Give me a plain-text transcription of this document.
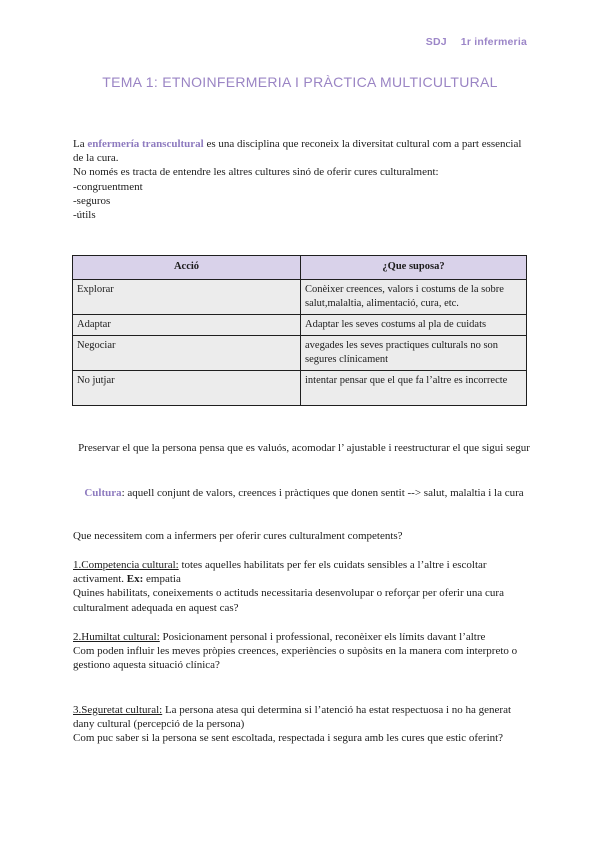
SDJ 1r infermeria
TEMA 1: ETNOINFERMERIA I PRÀCTICA MULTICULTURAL
La enfermería transcultural es una disciplina que reconeix la diversitat cultural com a part essencial de la cura.
No només es tracta de entendre les altres cultures sinó de oferir cures culturalment:
-congruentment
-seguros
-útils
Acció	¿Que suposa?
Explorar	Conèixer creences, valors i costums de la sobre salut,malaltia, alimentació, cura, etc.
Adaptar	Adaptar les seves costums al pla de cuidats
Negociar	avegades les seves practiques culturals no son segures clínicament
No jutjar	intentar pensar que el que fa l’altre es incorrecte
Preservar el que la persona pensa que es valuós, acomodar l’ ajustable i reestructurar el que sigui segur
Cultura: aquell conjunt de valors, creences i pràctiques que donen sentit --> salut, malaltia i la cura
Que necessitem com a infermers per oferir cures culturalment competents?
1.Competencia cultural: totes aquelles habilitats per fer els cuidats sensibles a l’altre i escoltar activament. Ex: empatia
Quines habilitats, coneixements o actituds necessitaria desenvolupar o reforçar per oferir una cura culturalment adequada en aquest cas?
2.Humiltat cultural: Posicionament personal i professional, reconèixer els límits davant l’altre
Com poden influir les meves pròpies creences, experiències o supòsits en la manera com interpreto o gestiono aquesta situació clínica?
3.Seguretat cultural: La persona atesa qui determina si l’atenció ha estat respectuosa i no ha generat dany cultural (percepció de la persona)
Com puc saber si la persona se sent escoltada, respectada i segura amb les cures que estic oferint?
